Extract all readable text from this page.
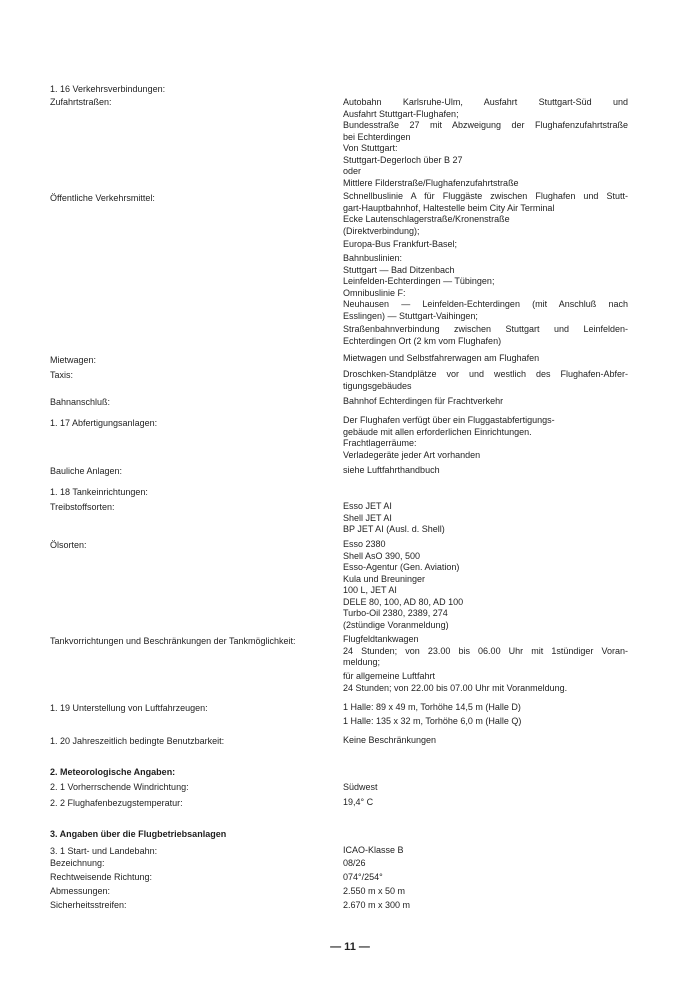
1. 16 Verkehrsverbindungen:
Zufahrtstraßen:
Öffentliche Verkehrsmittel:
Mietwagen:
Taxis:
Bahnanschluß:
1. 17 Abfertigungsanlagen:
Bauliche Anlagen:
1. 18 Tankeinrichtungen:
Treibstoffsorten:
Ölsorten:
Tankvorrichtungen und Beschränkungen der Tankmöglichkeit:
1. 19 Unterstellung von Luftfahrzeugen:
1. 20 Jahreszeitlich bedingte Benutzbarkeit:
2. Meteorologische Angaben:
2. 1 Vorherrschende Windrichtung:
2. 2 Flughafenbezugstemperatur:
3. Angaben über die Flugbetriebsanlagen
3. 1 Start- und Landebahn:
Bezeichnung:
Rechtweisende Richtung:
Abmessungen:
Sicherheitsstreifen:
Autobahn Karlsruhe-Ulm, Ausfahrt Stuttgart-Süd und
Ausfahrt Stuttgart-Flughafen;
Bundesstraße 27 mit Abzweigung der Flughafenzufahrtstraße
bei Echterdingen
Von Stuttgart:
Stuttgart-Degerloch über B 27
oder
Mittlere Filderstraße/Flughafenzufahrtstraße
Schnellbuslinie A für Fluggäste zwischen Flughafen und Stutt-
gart-Hauptbahnhof, Haltestelle beim City Air Terminal
Ecke Lautenschlagerstraße/Kronenstraße
(Direktverbindung);
Europa-Bus Frankfurt-Basel;
Bahnbuslinien:
Stuttgart — Bad Ditzenbach
Leinfelden-Echterdingen — Tübingen;
Omnibuslinie F:
Neuhausen — Leinfelden-Echterdingen (mit Anschluß nach
Esslingen) — Stuttgart-Vaihingen;
Straßenbahnverbindung zwischen Stuttgart und Leinfelden-
Echterdingen Ort (2 km vom Flughafen)
Mietwagen und Selbstfahrerwagen am Flughafen
Droschken-Standplätze vor und westlich des Flughafen-Abfer-
tigungsgebäudes
Bahnhof Echterdingen für Frachtverkehr
Der Flughafen verfügt über ein Fluggastabfertigungs-
gebäude mit allen erforderlichen Einrichtungen.
Frachtlagerräume:
Verladegeräte jeder Art vorhanden
siehe Luftfahrthandbuch
Esso JET AI
Shell JET AI
BP JET AI (Ausl. d. Shell)
Esso 2380
Shell AsO 390, 500
Esso-Agentur (Gen. Aviation)
Kula und Breuninger
100 L, JET AI
DELE 80, 100, AD 80, AD 100
Turbo-Oil 2380, 2389, 274
(2stündige Voranmeldung)
Flugfeldtankwagen
24 Stunden; von 23.00 bis 06.00 Uhr mit 1stündiger Voran-
meldung;
für allgemeine Luftfahrt
24 Stunden; von 22.00 bis 07.00 Uhr mit Voranmeldung.
1 Halle: 89 x 49 m, Torhöhe 14,5 m (Halle D)
1 Halle: 135 x 32 m, Torhöhe 6,0 m (Halle Q)
Keine Beschränkungen
Südwest
19,4° C
ICAO-Klasse B
08/26
074°/254°
2.550 m x 50 m
2.670 m x 300 m
— 11 —
